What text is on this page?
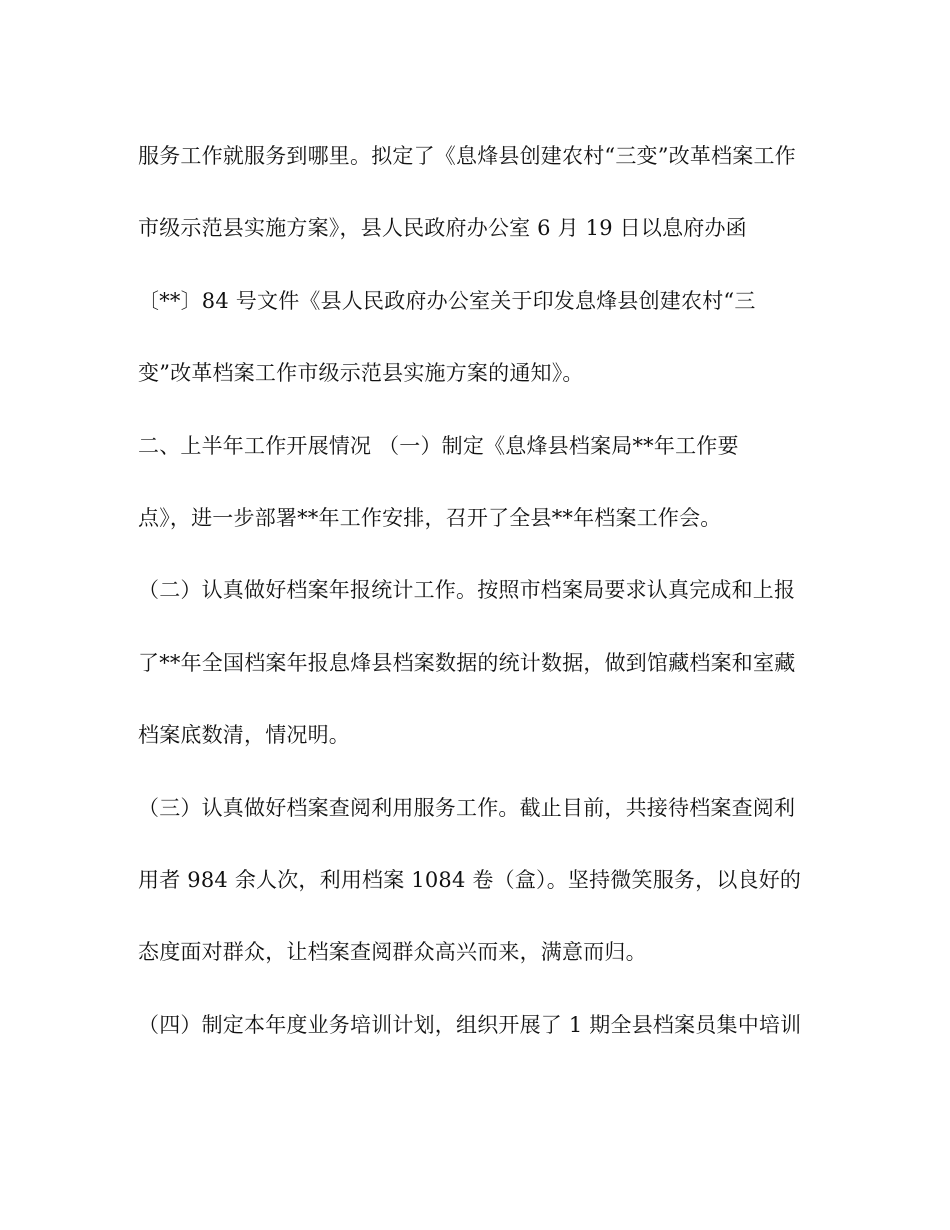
服务工作就服务到哪里。拟定了《息烽县创建农村“三变”改革档案工作
市级示范县实施方案》，县人民政府办公室 6 月 19 日以息府办函
〔**〕84 号文件《县人民政府办公室关于印发息烽县创建农村“三
变”改革档案工作市级示范县实施方案的通知》。
二、上半年工作开展情况 （一）制定《息烽县档案局**年工作要
点》，进一步部署**年工作安排，召开了全县**年档案工作会。
（二）认真做好档案年报统计工作。按照市档案局要求认真完成和上报
了**年全国档案年报息烽县档案数据的统计数据，做到馆藏档案和室藏
档案底数清，情况明。
（三）认真做好档案查阅利用服务工作。截止目前，共接待档案查阅利
用者 984 余人次，利用档案 1084 卷（盒）。坚持微笑服务，以良好的
态度面对群众，让档案查阅群众高兴而来，满意而归。
（四）制定本年度业务培训计划，组织开展了 1 期全县档案员集中培训
